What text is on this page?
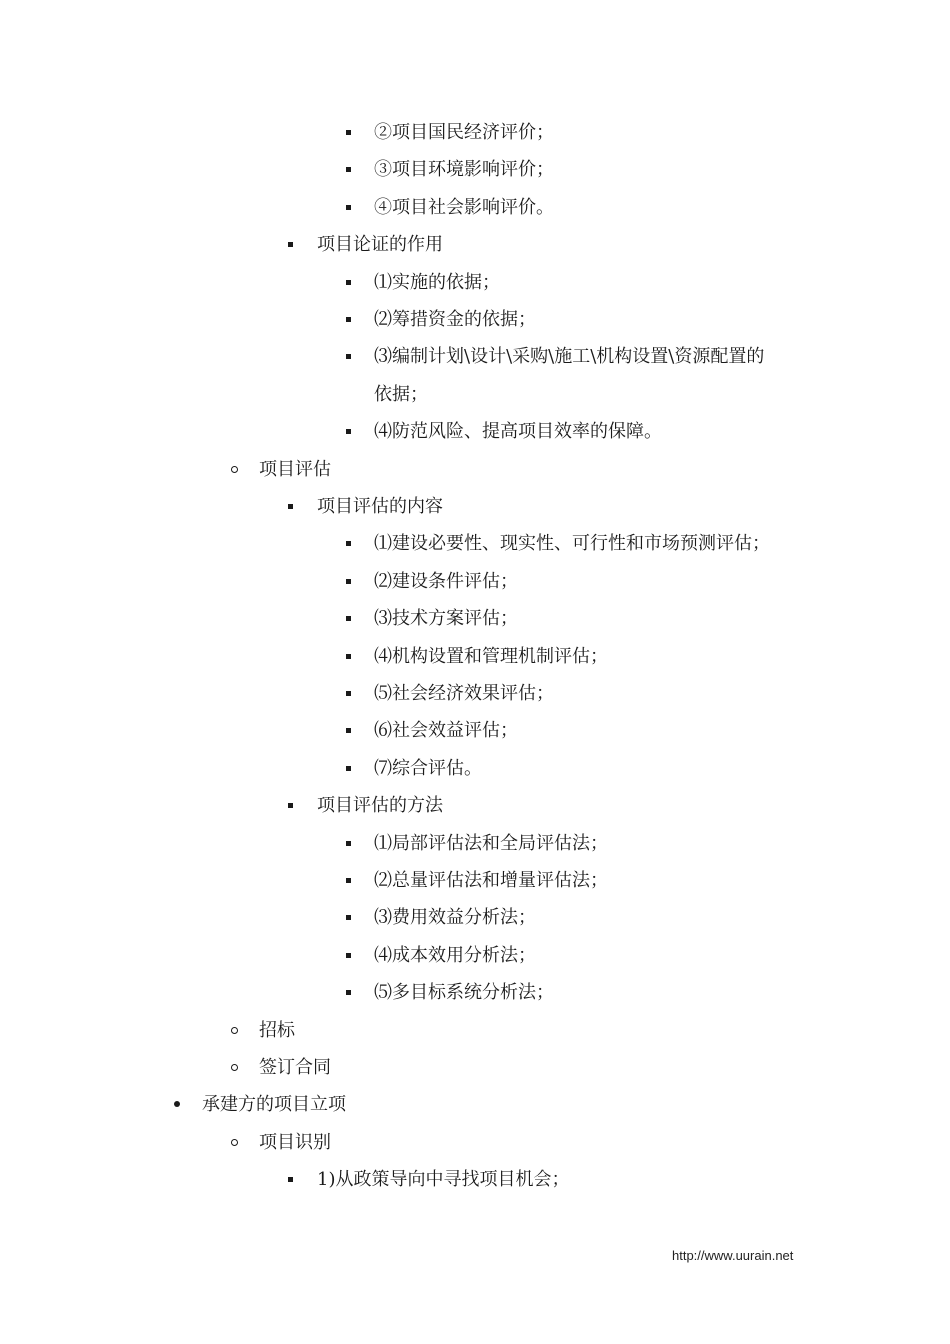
②项目国民经济评价；
③项目环境影响评价；
④项目社会影响评价。
项目论证的作用
⑴实施的依据；
⑵筹措资金的依据；
⑶编制计划\设计\采购\施工\机构设置\资源配置的
依据；
⑷防范风险、提高项目效率的保障。
项目评估
项目评估的内容
⑴建设必要性、现实性、可行性和市场预测评估；
⑵建设条件评估；
⑶技术方案评估；
⑷机构设置和管理机制评估；
⑸社会经济效果评估；
⑹社会效益评估；
⑺综合评估。
项目评估的方法
⑴局部评估法和全局评估法；
⑵总量评估法和增量评估法；
⑶费用效益分析法；
⑷成本效用分析法；
⑸多目标系统分析法；
招标
签订合同
承建方的项目立项
项目识别
1)从政策导向中寻找项目机会；
http://www.uurain.net
